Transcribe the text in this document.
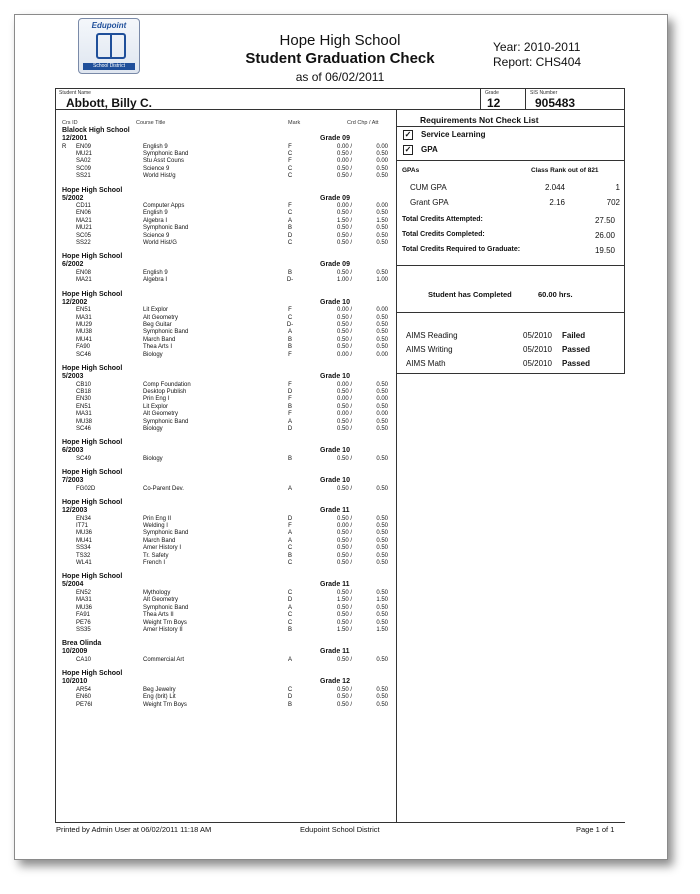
Edupoint
School District
Hope High School
Student Graduation Check
as of 06/02/2011
Year: 2010-2011
Report: CHS404
Student Name
Abbott, Billy C.
Grade
12
SIS Number
905483
Crs ID	Course Title	Mark	Crd Chp / Att
Blalock High School
12/2001	Grade 09
R EN09	English 9	F	0.00 /	0.00
MU21	Symphonic Band	C	0.50 /	0.50
SA02	Stu Asst Couns	F	0.00 /	0.00
SC09	Science 9	C	0.50 /	0.50
SS21	World Hist/g	C	0.50 /	0.50
Hope High School
5/2002	Grade 09
CD11	Computer Apps	F	0.00 /	0.00
EN06	English 9	C	0.50 /	0.50
MA21	Algebra I	A	1.50 /	1.50
MU21	Symphonic Band	B	0.50 /	0.50
SC05	Science 9	D	0.50 /	0.50
SS22	World Hist/G	C	0.50 /	0.50
Hope High School
6/2002	Grade 09
EN08	English 9	B	0.50 /	0.50
MA21	Algebra I	D-	1.00 /	1.00
Hope High School
12/2002	Grade 10
EN51	Lit Explor	F	0.00 /	0.00
MA31	Alt Geometry	C	0.50 /	0.50
MU29	Beg Guitar	D-	0.50 /	0.50
MU38	Symphonic Band	A	0.50 /	0.50
MU41	March Band	B	0.50 /	0.50
FA90	Thea Arts I	B	0.50 /	0.50
SC46	Biology	F	0.00 /	0.00
Hope High School
5/2003	Grade 10
CB10	Comp Foundation	F	0.00 /	0.50
CB18	Desktop Publish	D	0.50 /	0.50
EN30	Prin Eng I	F	0.00 /	0.00
EN51	Lit Explor	B	0.50 /	0.50
MA31	Alt Geometry	F	0.00 /	0.00
MU38	Symphonic Band	A	0.50 /	0.50
SC46	Biology	D	0.50 /	0.50
Hope High School
6/2003	Grade 10
SC49	Biology	B	0.50 /	0.50
Hope High School
7/2003	Grade 10
FG02D	Co-Parent Dev.	A	0.50 /	0.50
Hope High School
12/2003	Grade 11
EN34	Prin Eng II	D	0.50 /	0.50
IT71	Welding I	F	0.00 /	0.50
MU36	Symphonic Band	A	0.50 /	0.50
MU41	March Band	A	0.50 /	0.50
SS34	Amer History I	C	0.50 /	0.50
TS32	Tr. Safety	B	0.50 /	0.50
WL41	French I	C	0.50 /	0.50
Hope High School
5/2004	Grade 11
EN52	Mythology	C	0.50 /	0.50
MA31	Alt Geometry	D	1.50 /	1.50
MU36	Symphonic Band	A	0.50 /	0.50
FA91	Thea Arts II	C	0.50 /	0.50
PE76	Weight Trn Boys	C	0.50 /	0.50
SS35	Amer History II	B	1.50 /	1.50
Brea Olinda
10/2009	Grade 11
CA10	Commercial Art	A	0.50 /	0.50
Hope High School
10/2010	Grade 12
AR54	Beg Jewelry	C	0.50 /	0.50
EN60	Eng (brit) Lit	D	0.50 /	0.50
PE76I	Weight Trn Boys	B	0.50 /	0.50
Requirements Not Check List
✓ Service Learning
✓ GPA
GPAs	Class Rank out of 821
CUM GPA	2.044	1
Grant GPA	2.16	702
Total Credits Attempted:	27.50
Total Credits Completed:	26.00
Total Credits Required to Graduate:	19.50
Student has Completed	60.00 hrs.
AIMS Reading	05/2010 Failed
AIMS Writing	05/2010 Passed
AIMS Math	05/2010 Passed
Printed by Admin User at 06/02/2011 11:18 AM	Edupoint School District	Page 1 of 1
